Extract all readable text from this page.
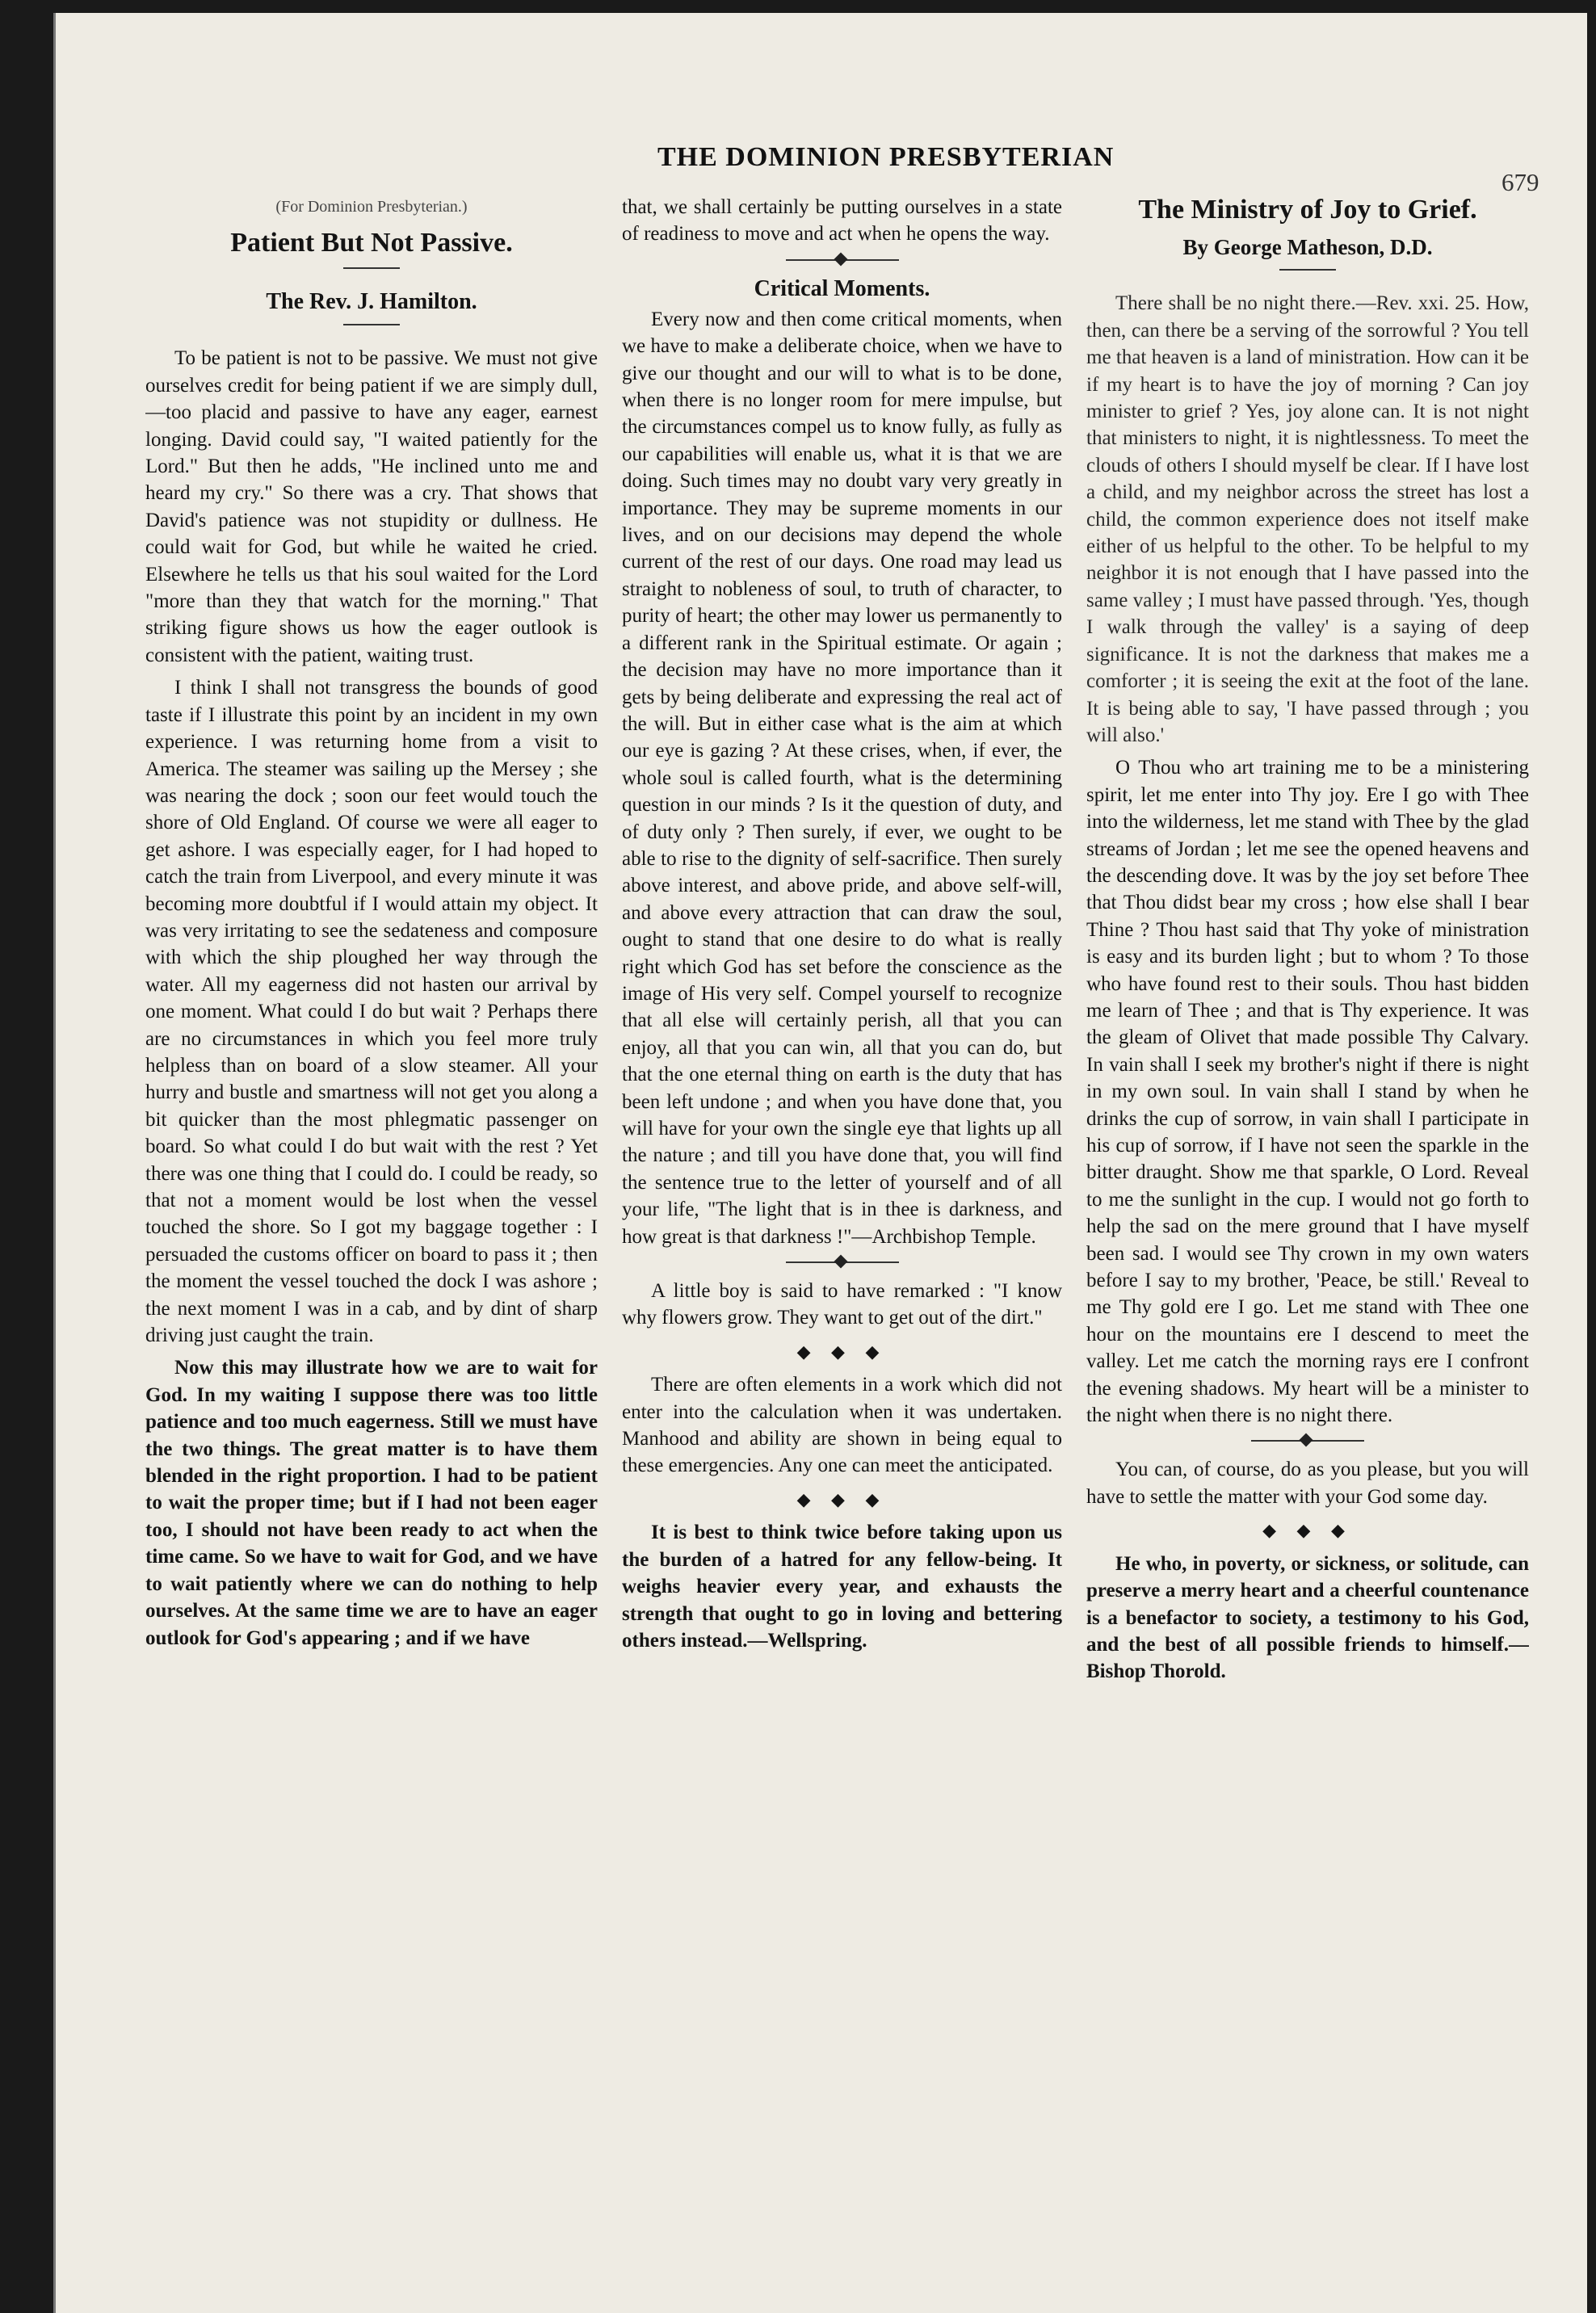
THE DOMINION PRESBYTERIAN
679
(For Dominion Presbyterian.)
Patient But Not Passive.
The Rev. J. Hamilton.

To be patient is not to be passive. We must not give ourselves credit for being patient if we are simply dull,—too placid and passive to have any eager, earnest longing. David could say, "I waited patiently for the Lord." But then he adds, "He inclined unto me and heard my cry." So there was a cry. That shows that David's patience was not stupidity or dullness. He could wait for God, but while he waited he cried. Elsewhere he tells us that his soul waited for the Lord "more than they that watch for the morning." That striking figure shows us how the eager outlook is consistent with the patient, waiting trust.

I think I shall not transgress the bounds of good taste if I illustrate this point by an incident in my own experience. I was returning home from a visit to America. The steamer was sailing up the Mersey ; she was nearing the dock ; soon our feet would touch the shore of Old England. Of course we were all eager to get ashore. I was especially eager, for I had hoped to catch the train from Liverpool, and every minute it was becoming more doubtful if I would attain my object. It was very irritating to see the sedateness and composure with which the ship ploughed her way through the water. All my eagerness did not hasten our arrival by one moment. What could I do but wait ? Perhaps there are no circumstances in which you feel more truly helpless than on board of a slow steamer. All your hurry and bustle and smartness will not get you along a bit quicker than the most phlegmatic passenger on board. So what could I do but wait with the rest ? Yet there was one thing that I could do. I could be ready, so that not a moment would be lost when the vessel touched the shore. So I got my baggage together : I persuaded the customs officer on board to pass it ; then the moment the vessel touched the dock I was ashore ; the next moment I was in a cab, and by dint of sharp driving just caught the train.

Now this may illustrate how we are to wait for God. In my waiting I suppose there was too little patience and too much eagerness. Still we must have the two things. The great matter is to have them blended in the right proportion. I had to be patient to wait the proper time; but if I had not been eager too, I should not have been ready to act when the time came. So we have to wait for God, and we have to wait patiently where we can do nothing to help ourselves. At the same time we are to have an eager outlook for God's appearing ; and if we have

that, we shall certainly be putting ourselves in a state of readiness to move and act when he opens the way.

Critical Moments.

Every now and then come critical moments, when we have to make a deliberate choice, when we have to give our thought and our will to what is to be done, when there is no longer room for mere impulse, but the circumstances compel us to know fully, as fully as our capabilities will enable us, what it is that we are doing. Such times may no doubt vary very greatly in importance. They may be supreme moments in our lives, and on our decisions may depend the whole current of the rest of our days. One road may lead us straight to nobleness of soul, to truth of character, to purity of heart; the other may lower us permanently to a different rank in the Spiritual estimate. Or again ; the decision may have no more importance than it gets by being deliberate and expressing the real act of the will. But in either case what is the aim at which our eye is gazing ? At these crises, when, if ever, the whole soul is called fourth, what is the determining question in our minds ? Is it the question of duty, and of duty only ? Then surely, if ever, we ought to be able to rise to the dignity of self-sacrifice. Then surely above interest, and above pride, and above self-will, and above every attraction that can draw the soul, ought to stand that one desire to do what is really right which God has set before the conscience as the image of His very self. Compel yourself to recognize that all else will certainly perish, all that you can enjoy, all that you can win, all that you can do, but that the one eternal thing on earth is the duty that has been left undone ; and when you have done that, you will have for your own the single eye that lights up all the nature ; and till you have done that, you will find the sentence true to the letter of yourself and of all your life, "The light that is in thee is darkness, and how great is that darkness !"—Archbishop Temple.

A little boy is said to have remarked : "I know why flowers grow. They want to get out of the dirt."

◆ ◆ ◆

There are often elements in a work which did not enter into the calculation when it was undertaken. Manhood and ability are shown in being equal to these emergencies. Any one can meet the anticipated.

◆ ◆ ◆

It is best to think twice before taking upon us the burden of a hatred for any fellow-being. It weighs heavier every year, and exhausts the strength that ought to go in loving and bettering others instead.—Wellspring.

The Ministry of Joy to Grief.
By George Matheson, D.D.

There shall be no night there.—Rev. xxi. 25. How, then, can there be a serving of the sorrowful ? You tell me that heaven is a land of ministration. How can it be if my heart is to have the joy of morning ? Can joy minister to grief ? Yes, joy alone can. It is not night that ministers to night, it is nightlessness. To meet the clouds of others I should myself be clear. If I have lost a child, and my neighbor across the street has lost a child, the common experience does not itself make either of us helpful to the other. To be helpful to my neighbor it is not enough that I have passed into the same valley ; I must have passed through. 'Yes, though I walk through the valley' is a saying of deep significance. It is not the darkness that makes me a comforter ; it is seeing the exit at the foot of the lane. It is being able to say, 'I have passed through ; you will also.'

O Thou who art training me to be a ministering spirit, let me enter into Thy joy. Ere I go with Thee into the wilderness, let me stand with Thee by the glad streams of Jordan ; let me see the opened heavens and the descending dove. It was by the joy set before Thee that Thou didst bear my cross ; how else shall I bear Thine ? Thou hast said that Thy yoke of ministration is easy and its burden light ; but to whom ? To those who have found rest to their souls. Thou hast bidden me learn of Thee ; and that is Thy experience. It was the gleam of Olivet that made possible Thy Calvary. In vain shall I seek my brother's night if there is night in my own soul. In vain shall I stand by when he drinks the cup of sorrow, in vain shall I participate in his cup of sorrow, if I have not seen the sparkle in the bitter draught. Show me that sparkle, O Lord. Reveal to me the sunlight in the cup. I would not go forth to help the sad on the mere ground that I have myself been sad. I would see Thy crown in my own waters before I say to my brother, 'Peace, be still.' Reveal to me Thy gold ere I go. Let me stand with Thee one hour on the mountains ere I descend to meet the valley. Let me catch the morning rays ere I confront the evening shadows. My heart will be a minister to the night when there is no night there.

You can, of course, do as you please, but you will have to settle the matter with your God some day.

◆ ◆ ◆

He who, in poverty, or sickness, or solitude, can preserve a merry heart and a cheerful countenance is a benefactor to society, a testimony to his God, and the best of all possible friends to himself.—Bishop Thorold.
